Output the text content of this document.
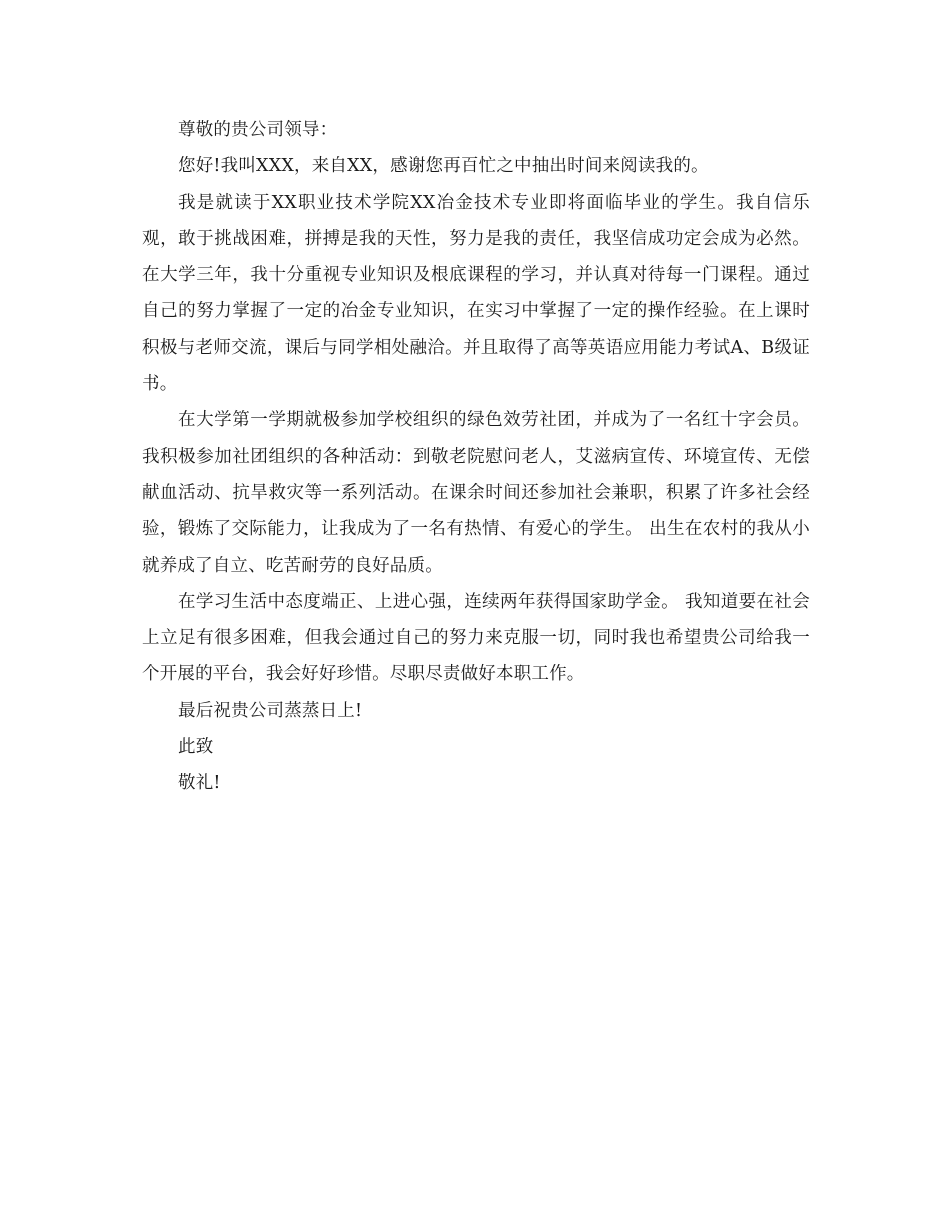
尊敬的贵公司领导：

您好!我叫XXX，来自XX，感谢您再百忙之中抽出时间来阅读我的。

我是就读于XX职业技术学院XX冶金技术专业即将面临毕业的学生。我自信乐观，敢于挑战困难，拼搏是我的天性，努力是我的责任，我坚信成功定会成为必然。 在大学三年，我十分重视专业知识及根底课程的学习，并认真对待每一门课程。通过自己的努力掌握了一定的冶金专业知识，在实习中掌握了一定的操作经验。在上课时积极与老师交流，课后与同学相处融洽。并且取得了高等英语应用能力考试A、B级证书。

在大学第一学期就极参加学校组织的绿色效劳社团，并成为了一名红十字会员。我积极参加社团组织的各种活动：到敬老院慰问老人，艾滋病宣传、环境宣传、无偿献血活动、抗旱救灾等一系列活动。在课余时间还参加社会兼职，积累了许多社会经验，锻炼了交际能力，让我成为了一名有热情、有爱心的学生。 出生在农村的我从小就养成了自立、吃苦耐劳的良好品质。

在学习生活中态度端正、上进心强，连续两年获得国家助学金。 我知道要在社会上立足有很多困难，但我会通过自己的努力来克服一切，同时我也希望贵公司给我一个开展的平台，我会好好珍惜。尽职尽责做好本职工作。

最后祝贵公司蒸蒸日上!

此致

敬礼!
